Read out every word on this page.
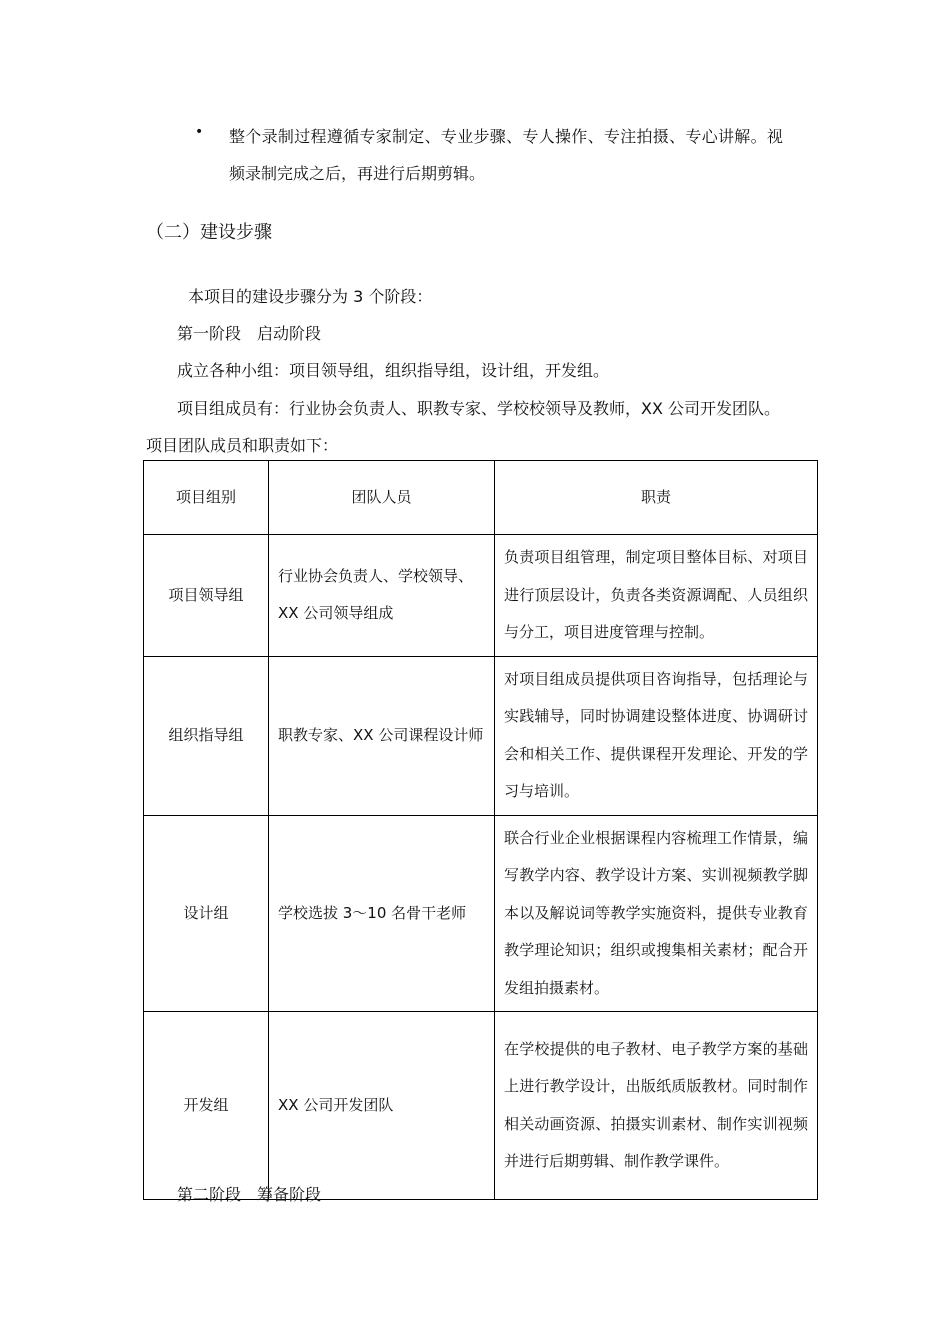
• 整个录制过程遵循专家制定、专业步骤、专人操作、专注拍摄、专心讲解。视
频录制完成之后，再进行后期剪辑。
（二）建设步骤

本项目的建设步骤分为 3 个阶段：

第一阶段　启动阶段

成立各种小组：项目领导组，组织指导组，设计组，开发组。

项目组成员有：行业协会负责人、职教专家、学校校领导及教师，XX 公司开发团队。

项目团队成员和职责如下：

项目组别	团队人员	职责
项目领导组	行业协会负责人、学校领导、XX 公司领导组成	负责项目组管理，制定项目整体目标、对项目进行顶层设计，负责各类资源调配、人员组织与分工，项目进度管理与控制。
组织指导组	职教专家、XX 公司课程设计师	对项目组成员提供项目咨询指导，包括理论与实践辅导，同时协调建设整体进度、协调研讨会和相关工作、提供课程开发理论、开发的学习与培训。
设计组	学校选拔 3～10 名骨干老师	联合行业企业根据课程内容梳理工作情景，编写教学内容、教学设计方案、实训视频教学脚本以及解说词等教学实施资料，提供专业教育教学理论知识；组织或搜集相关素材；配合开发组拍摄素材。
开发组	XX 公司开发团队	在学校提供的电子教材、电子教学方案的基础上进行教学设计，出版纸质版教材。同时制作相关动画资源、拍摄实训素材、制作实训视频并进行后期剪辑、制作教学课件。

第二阶段　筹备阶段
